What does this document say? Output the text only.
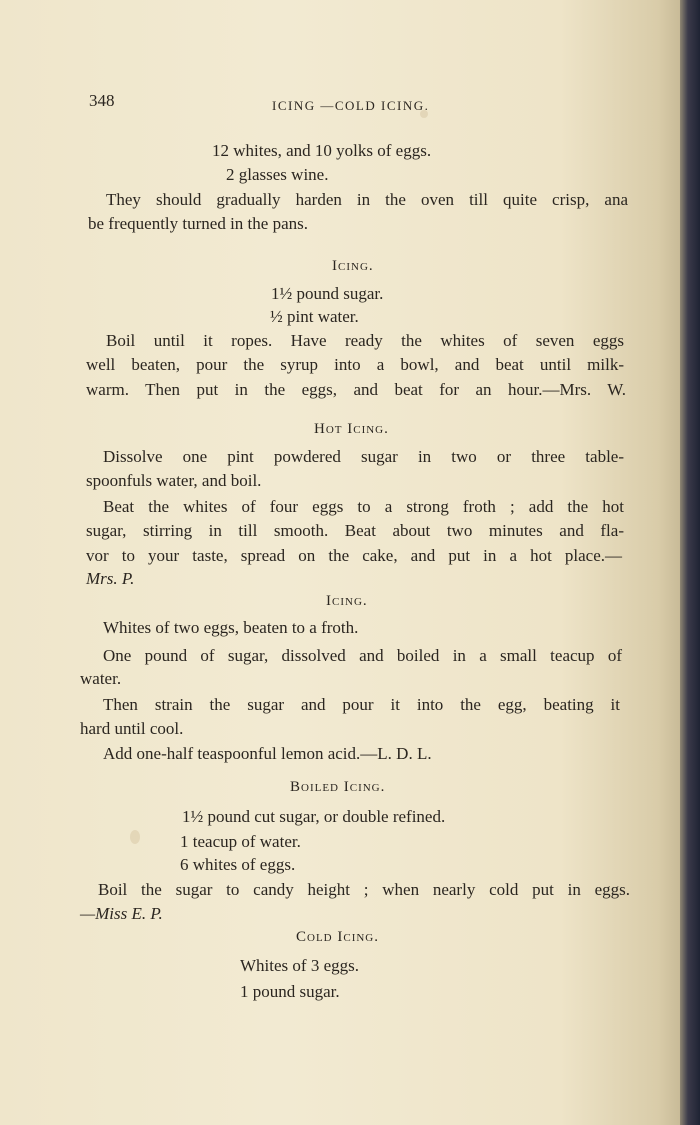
348	ICING —COLD ICING.
12 whites, and 10 yolks of eggs.
2 glasses wine.
They should gradually harden in the oven till quite crisp, ana
be frequently turned in the pans.
Icing.
1½ pound sugar.
½ pint water.
Boil until it ropes. Have ready the whites of seven eggs
well beaten, pour the syrup into a bowl, and beat until milk-
warm. Then put in the eggs, and beat for an hour.—Mrs. W.
Hot Icing.
Dissolve one pint powdered sugar in two or three table-
spoonfuls water, and boil.
Beat the whites of four eggs to a strong froth ; add the hot
sugar, stirring in till smooth. Beat about two minutes and fla-
vor to your taste, spread on the cake, and put in a hot place.—
Mrs. P.
Icing.
Whites of two eggs, beaten to a froth.
One pound of sugar, dissolved and boiled in a small teacup of
water.
Then strain the sugar and pour it into the egg, beating it
hard until cool.
Add one-half teaspoonful lemon acid.—L. D. L.
Boiled Icing.
1½ pound cut sugar, or double refined.
1 teacup of water.
6 whites of eggs.
Boil the sugar to candy height ; when nearly cold put in eggs.
—Miss E. P.
Cold Icing.
Whites of 3 eggs.
1 pound sugar.
